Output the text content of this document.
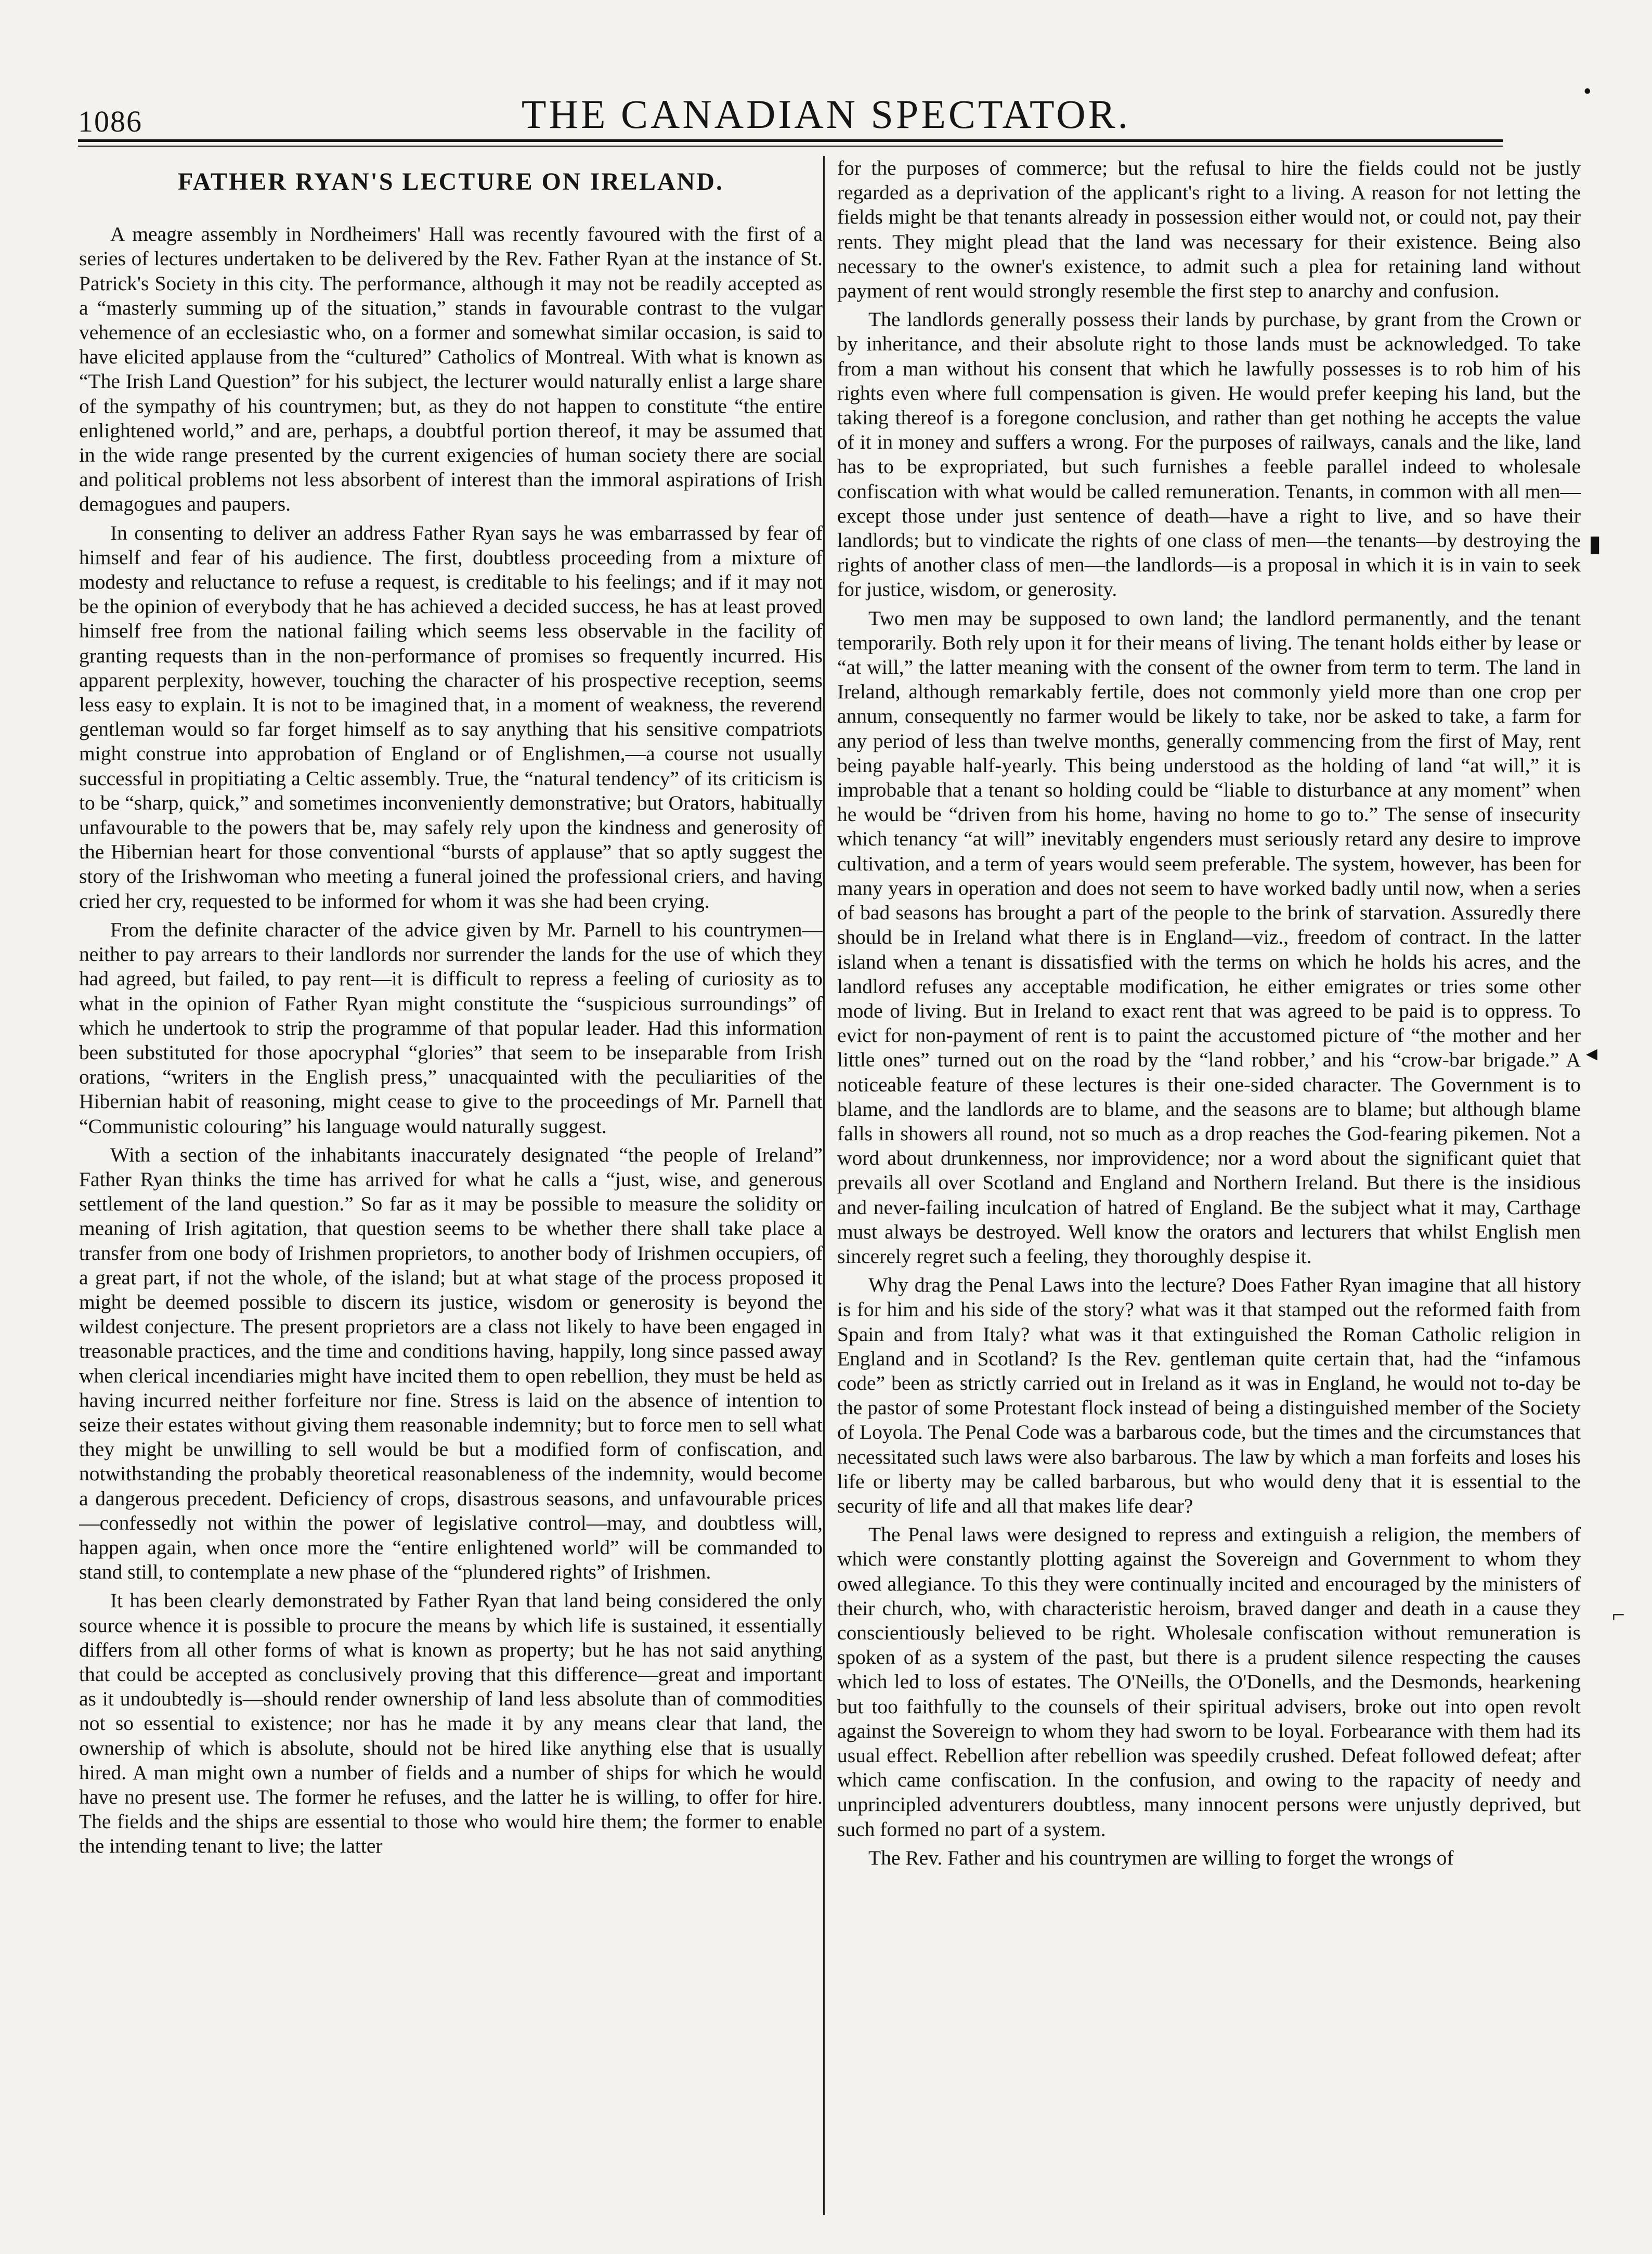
1086	THE CANADIAN SPECTATOR.
FATHER RYAN'S LECTURE ON IRELAND.

A meagre assembly in Nordheimers' Hall was recently favoured with the first of a series of lectures undertaken to be delivered by the Rev. Father Ryan at the instance of St. Patrick's Society in this city. The performance, although it may not be readily accepted as a “masterly summing up of the situation,” stands in favourable contrast to the vulgar vehemence of an ecclesiastic who, on a former and somewhat similar occasion, is said to have elicited applause from the “cultured” Catholics of Montreal. With what is known as “The Irish Land Question” for his subject, the lecturer would naturally enlist a large share of the sympathy of his countrymen; but, as they do not happen to constitute “the entire enlightened world,” and are, perhaps, a doubtful portion thereof, it may be assumed that in the wide range presented by the current exigencies of human society there are social and political problems not less absorbent of interest than the immoral aspirations of Irish demagogues and paupers.

In consenting to deliver an address Father Ryan says he was embarrassed by fear of himself and fear of his audience. The first, doubtless proceeding from a mixture of modesty and reluctance to refuse a request, is creditable to his feelings; and if it may not be the opinion of everybody that he has achieved a decided success, he has at least proved himself free from the national failing which seems less observable in the facility of granting requests than in the non-performance of promises so frequently incurred. His apparent perplexity, however, touching the character of his prospective reception, seems less easy to explain. It is not to be imagined that, in a moment of weakness, the reverend gentleman would so far forget himself as to say anything that his sensitive compatriots might construe into approbation of England or of Englishmen,—a course not usually successful in propitiating a Celtic assembly. True, the “natural tendency” of its criticism is to be “sharp, quick,” and sometimes inconveniently demonstrative; but Orators, habitually unfavourable to the powers that be, may safely rely upon the kindness and generosity of the Hibernian heart for those conventional “bursts of applause” that so aptly suggest the story of the Irishwoman who meeting a funeral joined the professional criers, and having cried her cry, requested to be informed for whom it was she had been crying.

From the definite character of the advice given by Mr. Parnell to his countrymen—neither to pay arrears to their landlords nor surrender the lands for the use of which they had agreed, but failed, to pay rent—it is difficult to repress a feeling of curiosity as to what in the opinion of Father Ryan might constitute the “suspicious surroundings” of which he undertook to strip the programme of that popular leader. Had this information been substituted for those apocryphal “glories” that seem to be inseparable from Irish orations, “writers in the English press,” unacquainted with the peculiarities of the Hibernian habit of reasoning, might cease to give to the proceedings of Mr. Parnell that “Communistic colouring” his language would naturally suggest.

With a section of the inhabitants inaccurately designated “the people of Ireland” Father Ryan thinks the time has arrived for what he calls a “just, wise, and generous settlement of the land question.” So far as it may be possible to measure the solidity or meaning of Irish agitation, that question seems to be whether there shall take place a transfer from one body of Irishmen proprietors, to another body of Irishmen occupiers, of a great part, if not the whole, of the island; but at what stage of the process proposed it might be deemed possible to discern its justice, wisdom or generosity is beyond the wildest conjecture. The present proprietors are a class not likely to have been engaged in treasonable practices, and the time and conditions having, happily, long since passed away when clerical incendiaries might have incited them to open rebellion, they must be held as having incurred neither forfeiture nor fine. Stress is laid on the absence of intention to seize their estates without giving them reasonable indemnity; but to force men to sell what they might be unwilling to sell would be but a modified form of confiscation, and notwithstanding the probably theoretical reasonableness of the indemnity, would become a dangerous precedent. Deficiency of crops, disastrous seasons, and unfavourable prices—confessedly not within the power of legislative control—may, and doubtless will, happen again, when once more the “entire enlightened world” will be commanded to stand still, to contemplate a new phase of the “plundered rights” of Irishmen.

It has been clearly demonstrated by Father Ryan that land being considered the only source whence it is possible to procure the means by which life is sustained, it essentially differs from all other forms of what is known as property; but he has not said anything that could be accepted as conclusively proving that this difference—great and important as it undoubtedly is—should render ownership of land less absolute than of commodities not so essential to existence; nor has he made it by any means clear that land, the ownership of which is absolute, should not be hired like anything else that is usually hired. A man might own a number of fields and a number of ships for which he would have no present use. The former he refuses, and the latter he is willing, to offer for hire. The fields and the ships are essential to those who would hire them; the former to enable the intending tenant to live; the latter

for the purposes of commerce; but the refusal to hire the fields could not be justly regarded as a deprivation of the applicant's right to a living. A reason for not letting the fields might be that tenants already in possession either would not, or could not, pay their rents. They might plead that the land was necessary for their existence. Being also necessary to the owner's existence, to admit such a plea for retaining land without payment of rent would strongly resemble the first step to anarchy and confusion.

The landlords generally possess their lands by purchase, by grant from the Crown or by inheritance, and their absolute right to those lands must be acknowledged. To take from a man without his consent that which he lawfully possesses is to rob him of his rights even where full compensation is given. He would prefer keeping his land, but the taking thereof is a foregone conclusion, and rather than get nothing he accepts the value of it in money and suffers a wrong. For the purposes of railways, canals and the like, land has to be expropriated, but such furnishes a feeble parallel indeed to wholesale confiscation with what would be called remuneration. Tenants, in common with all men—except those under just sentence of death—have a right to live, and so have their landlords; but to vindicate the rights of one class of men—the tenants—by destroying the rights of another class of men—the landlords—is a proposal in which it is in vain to seek for justice, wisdom, or generosity.

Two men may be supposed to own land; the landlord permanently, and the tenant temporarily. Both rely upon it for their means of living. The tenant holds either by lease or “at will,” the latter meaning with the consent of the owner from term to term. The land in Ireland, although remarkably fertile, does not commonly yield more than one crop per annum, consequently no farmer would be likely to take, nor be asked to take, a farm for any period of less than twelve months, generally commencing from the first of May, rent being payable half-yearly. This being understood as the holding of land “at will,” it is improbable that a tenant so holding could be “liable to disturbance at any moment” when he would be “driven from his home, having no home to go to.” The sense of insecurity which tenancy “at will” inevitably engenders must seriously retard any desire to improve cultivation, and a term of years would seem preferable. The system, however, has been for many years in operation and does not seem to have worked badly until now, when a series of bad seasons has brought a part of the people to the brink of starvation. Assuredly there should be in Ireland what there is in England—viz., freedom of contract. In the latter island when a tenant is dissatisfied with the terms on which he holds his acres, and the landlord refuses any acceptable modification, he either emigrates or tries some other mode of living. But in Ireland to exact rent that was agreed to be paid is to oppress. To evict for non-payment of rent is to paint the accustomed picture of “the mother and her little ones” turned out on the road by the “land robber,’ and his “crow-bar brigade.” A noticeable feature of these lectures is their one-sided character. The Government is to blame, and the landlords are to blame, and the seasons are to blame; but although blame falls in showers all round, not so much as a drop reaches the God-fearing pikemen. Not a word about drunkenness, nor improvidence; nor a word about the significant quiet that prevails all over Scotland and England and Northern Ireland. But there is the insidious and never-failing inculcation of hatred of England. Be the subject what it may, Carthage must always be destroyed. Well know the orators and lecturers that whilst English men sincerely regret such a feeling, they thoroughly despise it.

Why drag the Penal Laws into the lecture? Does Father Ryan imagine that all history is for him and his side of the story? what was it that stamped out the reformed faith from Spain and from Italy? what was it that extinguished the Roman Catholic religion in England and in Scotland? Is the Rev. gentleman quite certain that, had the “infamous code” been as strictly carried out in Ireland as it was in England, he would not to-day be the pastor of some Protestant flock instead of being a distinguished member of the Society of Loyola. The Penal Code was a barbarous code, but the times and the circumstances that necessitated such laws were also barbarous. The law by which a man forfeits and loses his life or liberty may be called barbarous, but who would deny that it is essential to the security of life and all that makes life dear?

The Penal laws were designed to repress and extinguish a religion, the members of which were constantly plotting against the Sovereign and Government to whom they owed allegiance. To this they were continually incited and encouraged by the ministers of their church, who, with characteristic heroism, braved danger and death in a cause they conscientiously believed to be right. Wholesale confiscation without remuneration is spoken of as a system of the past, but there is a prudent silence respecting the causes which led to loss of estates. The O'Neills, the O'Donells, and the Desmonds, hearkening but too faithfully to the counsels of their spiritual advisers, broke out into open revolt against the Sovereign to whom they had sworn to be loyal. Forbearance with them had its usual effect. Rebellion after rebellion was speedily crushed. Defeat followed defeat; after which came confiscation. In the confusion, and owing to the rapacity of needy and unprincipled adventurers doubtless, many innocent persons were unjustly deprived, but such formed no part of a system.

The Rev. Father and his countrymen are willing to forget the wrongs of

•
▮
◂
⌐
